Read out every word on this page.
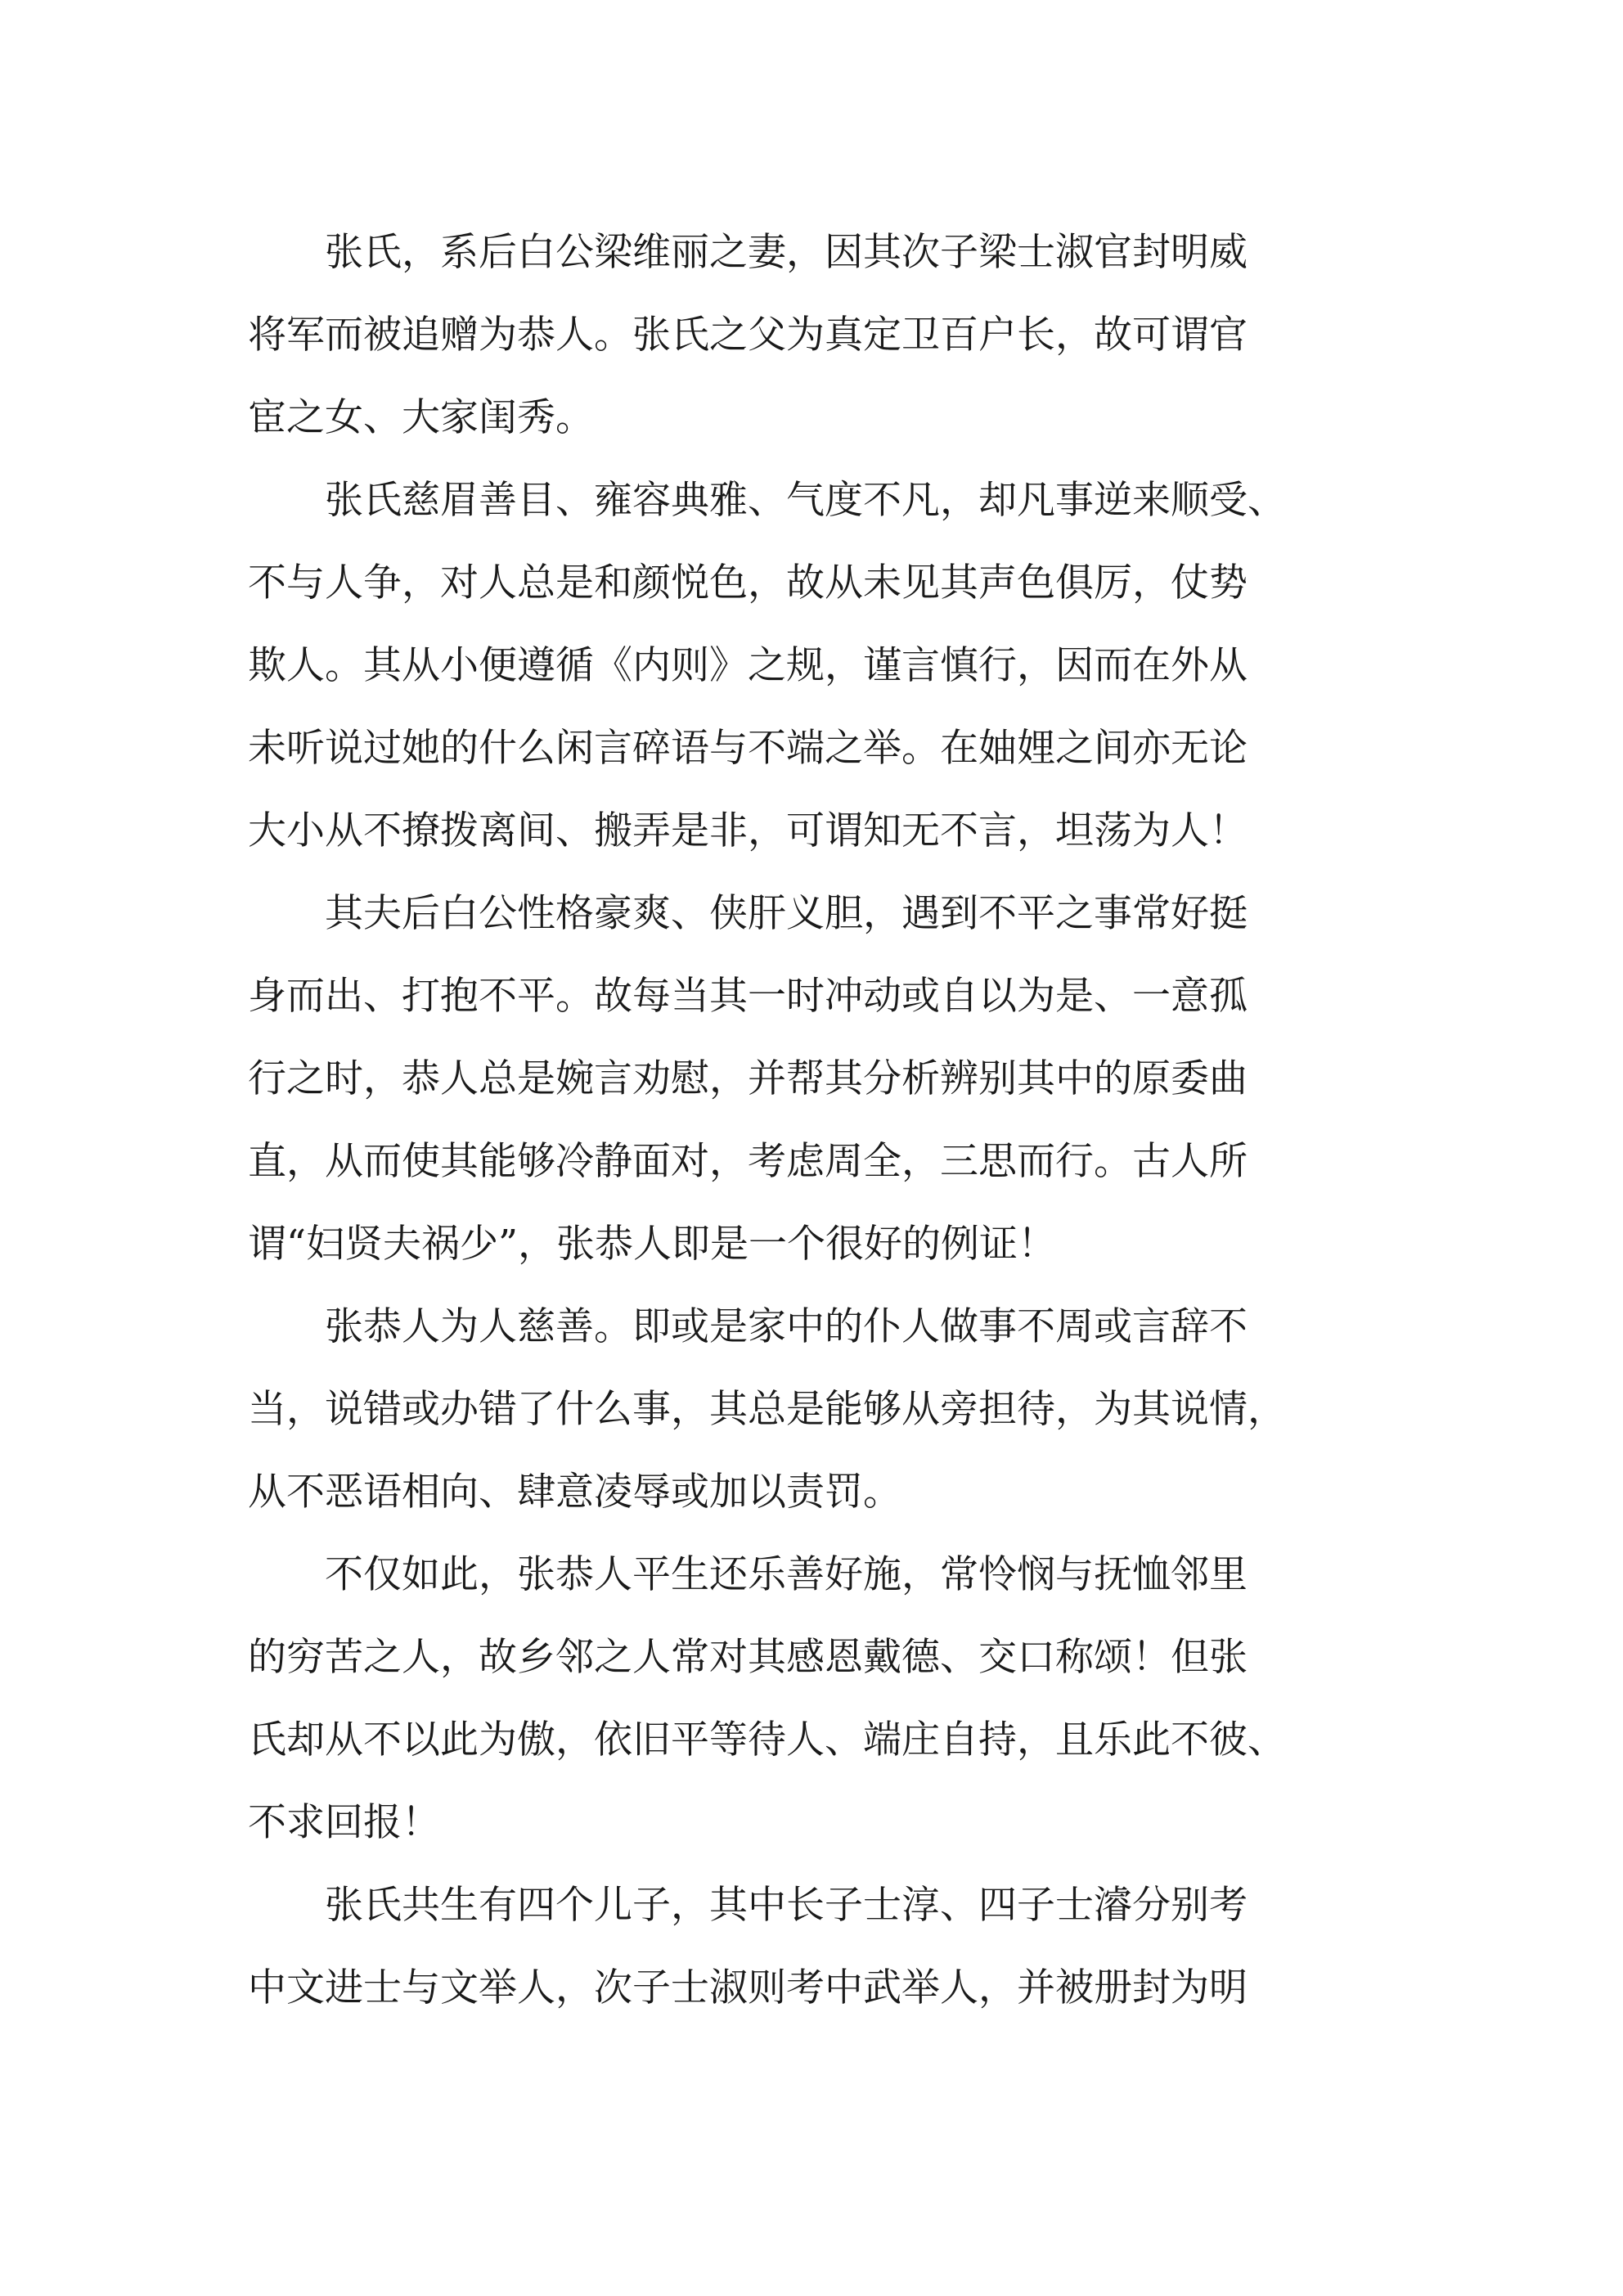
　　张氏，系后白公梁维丽之妻，因其次子梁士淑官封明威
将军而被追赠为恭人。张氏之父为真定卫百户长，故可谓官
宦之女、大家闺秀。
　　张氏慈眉善目、雍容典雅、气度不凡，却凡事逆来顺受、
不与人争，对人总是和颜悦色，故从未见其声色俱厉，仗势
欺人。其从小便遵循《内则》之规，谨言慎行，因而在外从
未听说过她的什么闲言碎语与不端之举。在妯娌之间亦无论
大小从不撩拨离间、搬弄是非，可谓知无不言，坦荡为人！
　　其夫后白公性格豪爽、侠肝义胆，遇到不平之事常好挺
身而出、打抱不平。故每当其一时冲动或自以为是、一意孤
行之时，恭人总是婉言劝慰，并帮其分析辨别其中的原委曲
直，从而使其能够冷静面对，考虑周全，三思而行。古人所
谓“妇贤夫祸少”，张恭人即是一个很好的例证！
　　张恭人为人慈善。即或是家中的仆人做事不周或言辞不
当，说错或办错了什么事，其总是能够从旁担待，为其说情，
从不恶语相向、肆意凌辱或加以责罚。
　　不仅如此，张恭人平生还乐善好施，常怜悯与抚恤邻里
的穷苦之人，故乡邻之人常对其感恩戴德、交口称颂！但张
氏却从不以此为傲，依旧平等待人、端庄自持，且乐此不彼、
不求回报！
　　张氏共生有四个儿子，其中长子士淳、四子士濬分别考
中文进士与文举人，次子士淑则考中武举人，并被册封为明
